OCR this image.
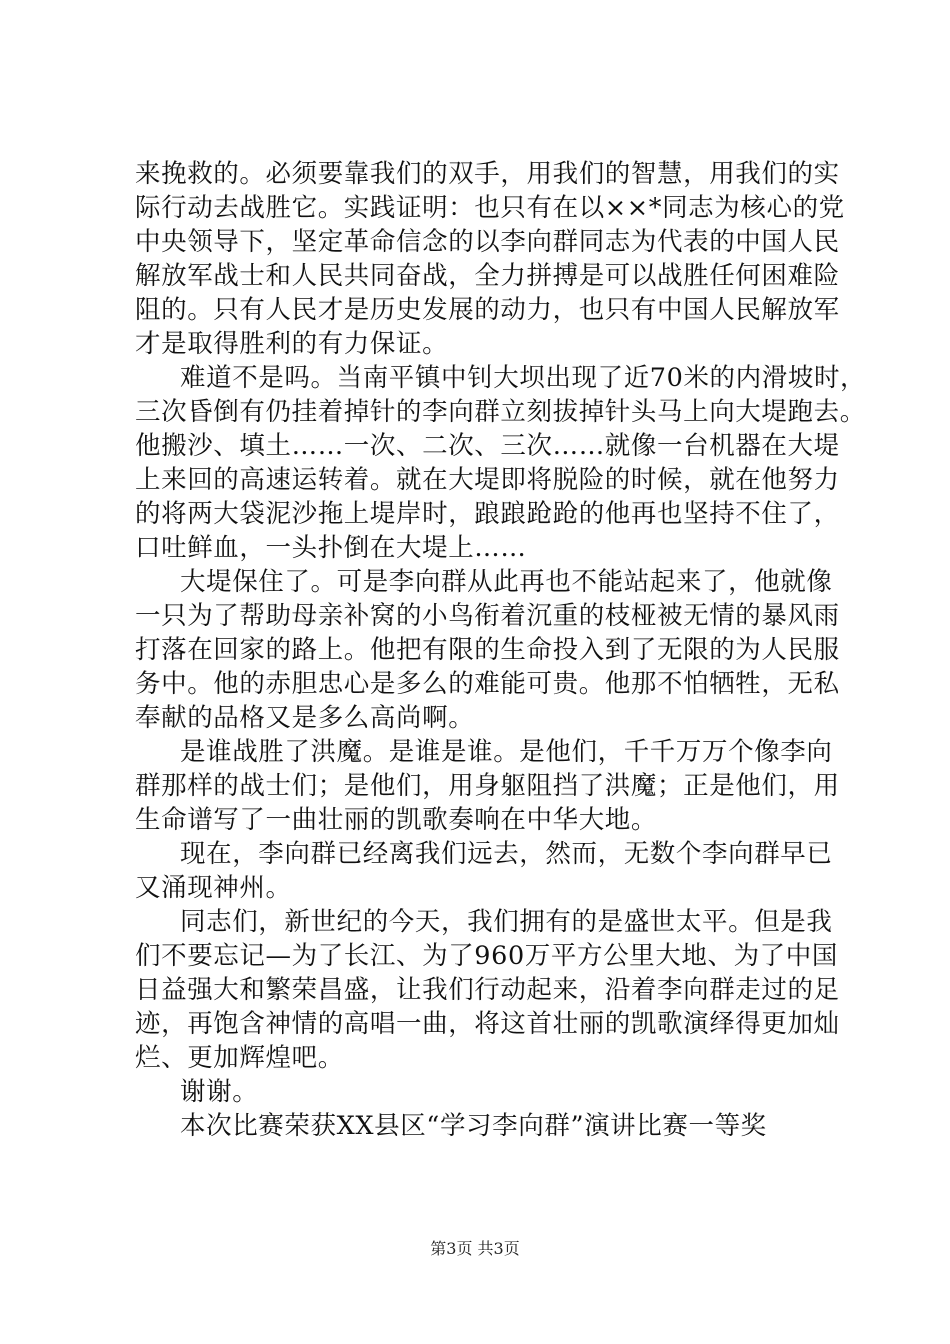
来挽救的。必须要靠我们的双手，用我们的智慧，用我们的实
际行动去战胜它。实践证明：也只有在以××*同志为核心的党
中央领导下，坚定革命信念的以李向群同志为代表的中国人民
解放军战士和人民共同奋战，全力拼搏是可以战胜任何困难险
阻的。只有人民才是历史发展的动力，也只有中国人民解放军
才是取得胜利的有力保证。
难道不是吗。当南平镇中钊大坝出现了近70米的内滑坡时，
三次昏倒有仍挂着掉针的李向群立刻拔掉针头马上向大堤跑去。
他搬沙、填土……一次、二次、三次……就像一台机器在大堤
上来回的高速运转着。就在大堤即将脱险的时候，就在他努力
的将两大袋泥沙拖上堤岸时，踉踉跄跄的他再也坚持不住了，
口吐鲜血，一头扑倒在大堤上……
大堤保住了。可是李向群从此再也不能站起来了，他就像
一只为了帮助母亲补窝的小鸟衔着沉重的枝桠被无情的暴风雨
打落在回家的路上。他把有限的生命投入到了无限的为人民服
务中。他的赤胆忠心是多么的难能可贵。他那不怕牺牲，无私
奉献的品格又是多么高尚啊。
是谁战胜了洪魔。是谁是谁。是他们，千千万万个像李向
群那样的战士们；是他们，用身躯阻挡了洪魔；正是他们，用
生命谱写了一曲壮丽的凯歌奏响在中华大地。
现在，李向群已经离我们远去，然而，无数个李向群早已
又涌现神州。
同志们，新世纪的今天，我们拥有的是盛世太平。但是我
们不要忘记—为了长江、为了960万平方公里大地、为了中国
日益强大和繁荣昌盛，让我们行动起来，沿着李向群走过的足
迹，再饱含神情的高唱一曲，将这首壮丽的凯歌演绎得更加灿
烂、更加辉煌吧。
谢谢。
本次比赛荣获XX县区“学习李向群”演讲比赛一等奖
第3页 共3页
